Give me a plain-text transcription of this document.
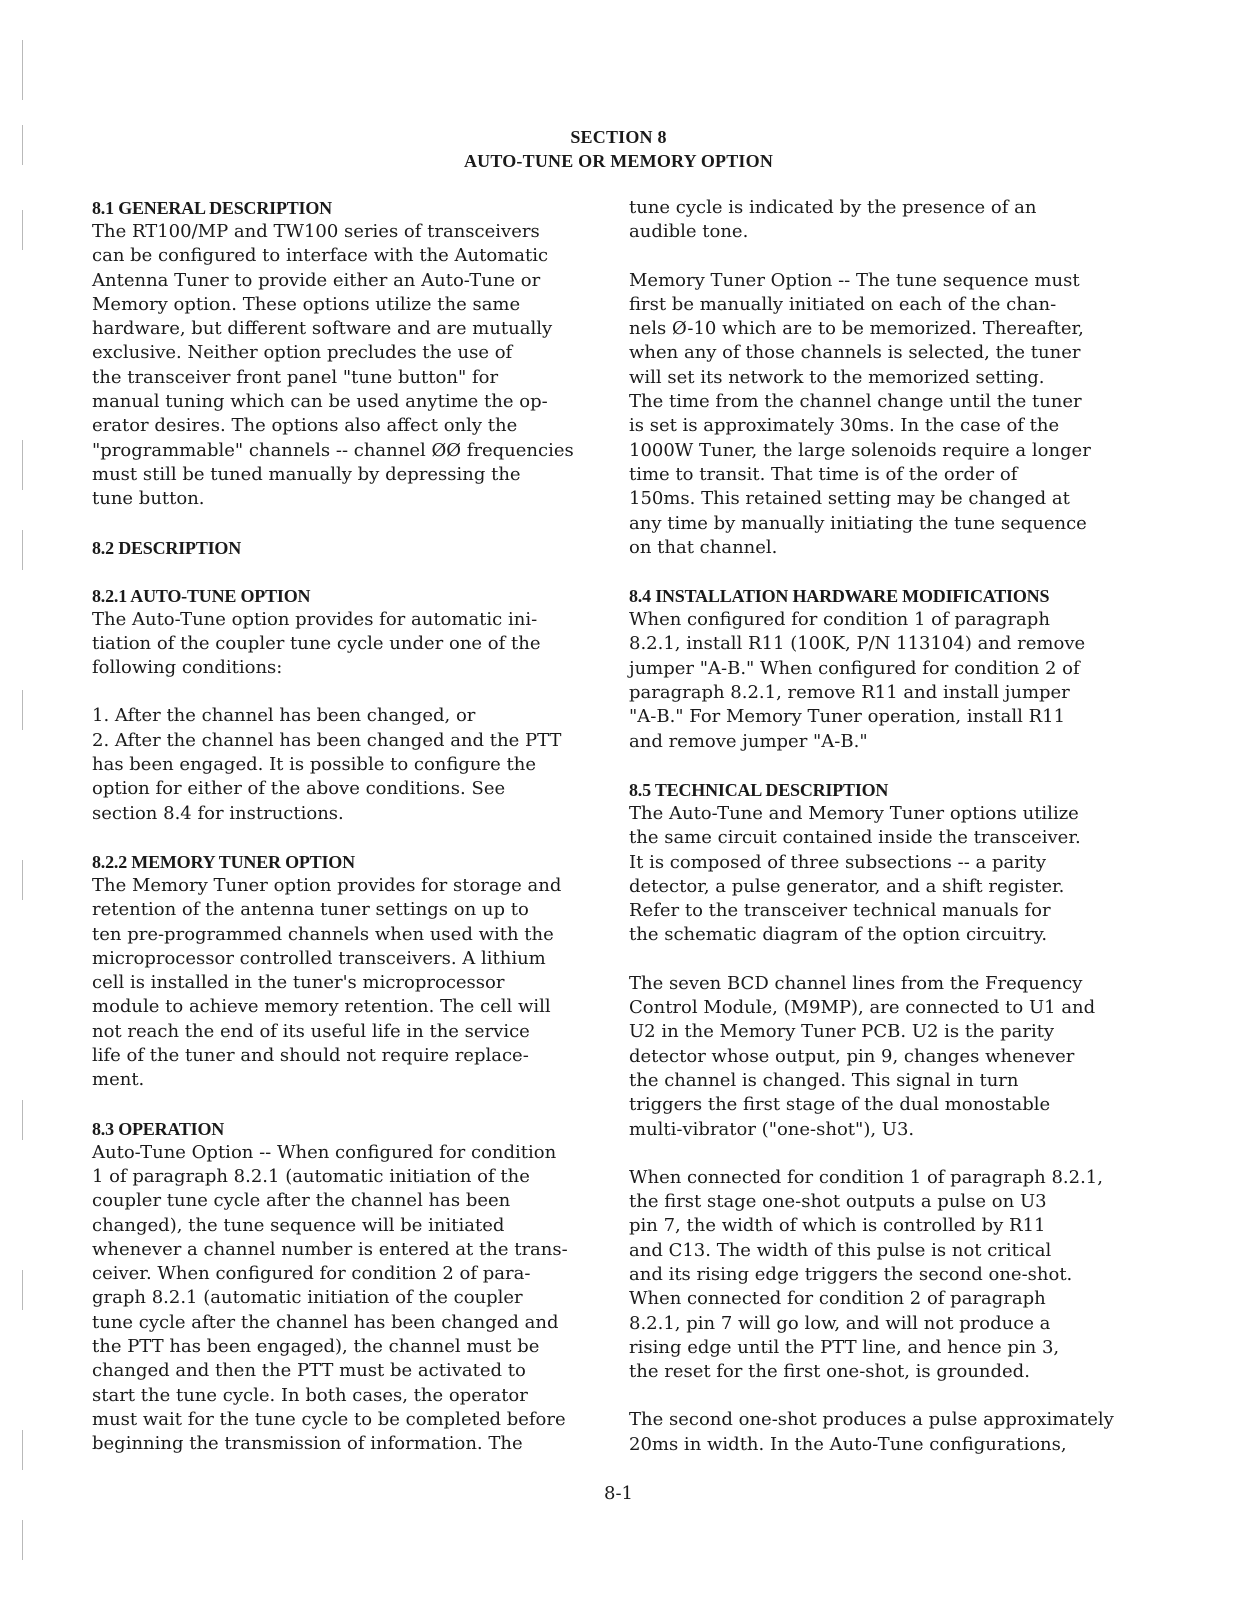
SECTION 8
AUTO-TUNE OR MEMORY OPTION
8.1 GENERAL DESCRIPTION
The RT100/MP and TW100 series of transceivers
can be configured to interface with the Automatic
Antenna Tuner to provide either an Auto-Tune or
Memory option. These options utilize the same
hardware, but different software and are mutually
exclusive. Neither option precludes the use of
the transceiver front panel "tune button" for
manual tuning which can be used anytime the op-
erator desires. The options also affect only the
"programmable" channels -- channel ØØ frequencies
must still be tuned manually by depressing the
tune button.
8.2 DESCRIPTION
8.2.1 AUTO-TUNE OPTION
The Auto-Tune option provides for automatic ini-
tiation of the coupler tune cycle under one of the
following conditions:
1. After the channel has been changed, or
2. After the channel has been changed and the PTT
has been engaged. It is possible to configure the
option for either of the above conditions. See
section 8.4 for instructions.
8.2.2 MEMORY TUNER OPTION
The Memory Tuner option provides for storage and
retention of the antenna tuner settings on up to
ten pre-programmed channels when used with the
microprocessor controlled transceivers. A lithium
cell is installed in the tuner's microprocessor
module to achieve memory retention. The cell will
not reach the end of its useful life in the service
life of the tuner and should not require replace-
ment.
8.3 OPERATION
Auto-Tune Option -- When configured for condition
1 of paragraph 8.2.1 (automatic initiation of the
coupler tune cycle after the channel has been
changed), the tune sequence will be initiated
whenever a channel number is entered at the trans-
ceiver. When configured for condition 2 of para-
graph 8.2.1 (automatic initiation of the coupler
tune cycle after the channel has been changed and
the PTT has been engaged), the channel must be
changed and then the PTT must be activated to
start the tune cycle. In both cases, the operator
must wait for the tune cycle to be completed before
beginning the transmission of information. The
tune cycle is indicated by the presence of an
audible tone.
Memory Tuner Option -- The tune sequence must
first be manually initiated on each of the chan-
nels Ø-10 which are to be memorized. Thereafter,
when any of those channels is selected, the tuner
will set its network to the memorized setting.
The time from the channel change until the tuner
is set is approximately 30ms. In the case of the
1000W Tuner, the large solenoids require a longer
time to transit. That time is of the order of
150ms. This retained setting may be changed at
any time by manually initiating the tune sequence
on that channel.
8.4 INSTALLATION HARDWARE MODIFICATIONS
When configured for condition 1 of paragraph
8.2.1, install R11 (100K, P/N 113104) and remove
jumper "A-B." When configured for condition 2 of
paragraph 8.2.1, remove R11 and install jumper
"A-B." For Memory Tuner operation, install R11
and remove jumper "A-B."
8.5 TECHNICAL DESCRIPTION
The Auto-Tune and Memory Tuner options utilize
the same circuit contained inside the transceiver.
It is composed of three subsections -- a parity
detector, a pulse generator, and a shift register.
Refer to the transceiver technical manuals for
the schematic diagram of the option circuitry.
The seven BCD channel lines from the Frequency
Control Module, (M9MP), are connected to U1 and
U2 in the Memory Tuner PCB. U2 is the parity
detector whose output, pin 9, changes whenever
the channel is changed. This signal in turn
triggers the first stage of the dual monostable
multi-vibrator ("one-shot"), U3.
When connected for condition 1 of paragraph 8.2.1,
the first stage one-shot outputs a pulse on U3
pin 7, the width of which is controlled by R11
and C13. The width of this pulse is not critical
and its rising edge triggers the second one-shot.
When connected for condition 2 of paragraph
8.2.1, pin 7 will go low, and will not produce a
rising edge until the PTT line, and hence pin 3,
the reset for the first one-shot, is grounded.
The second one-shot produces a pulse approximately
20ms in width. In the Auto-Tune configurations,
8-1
